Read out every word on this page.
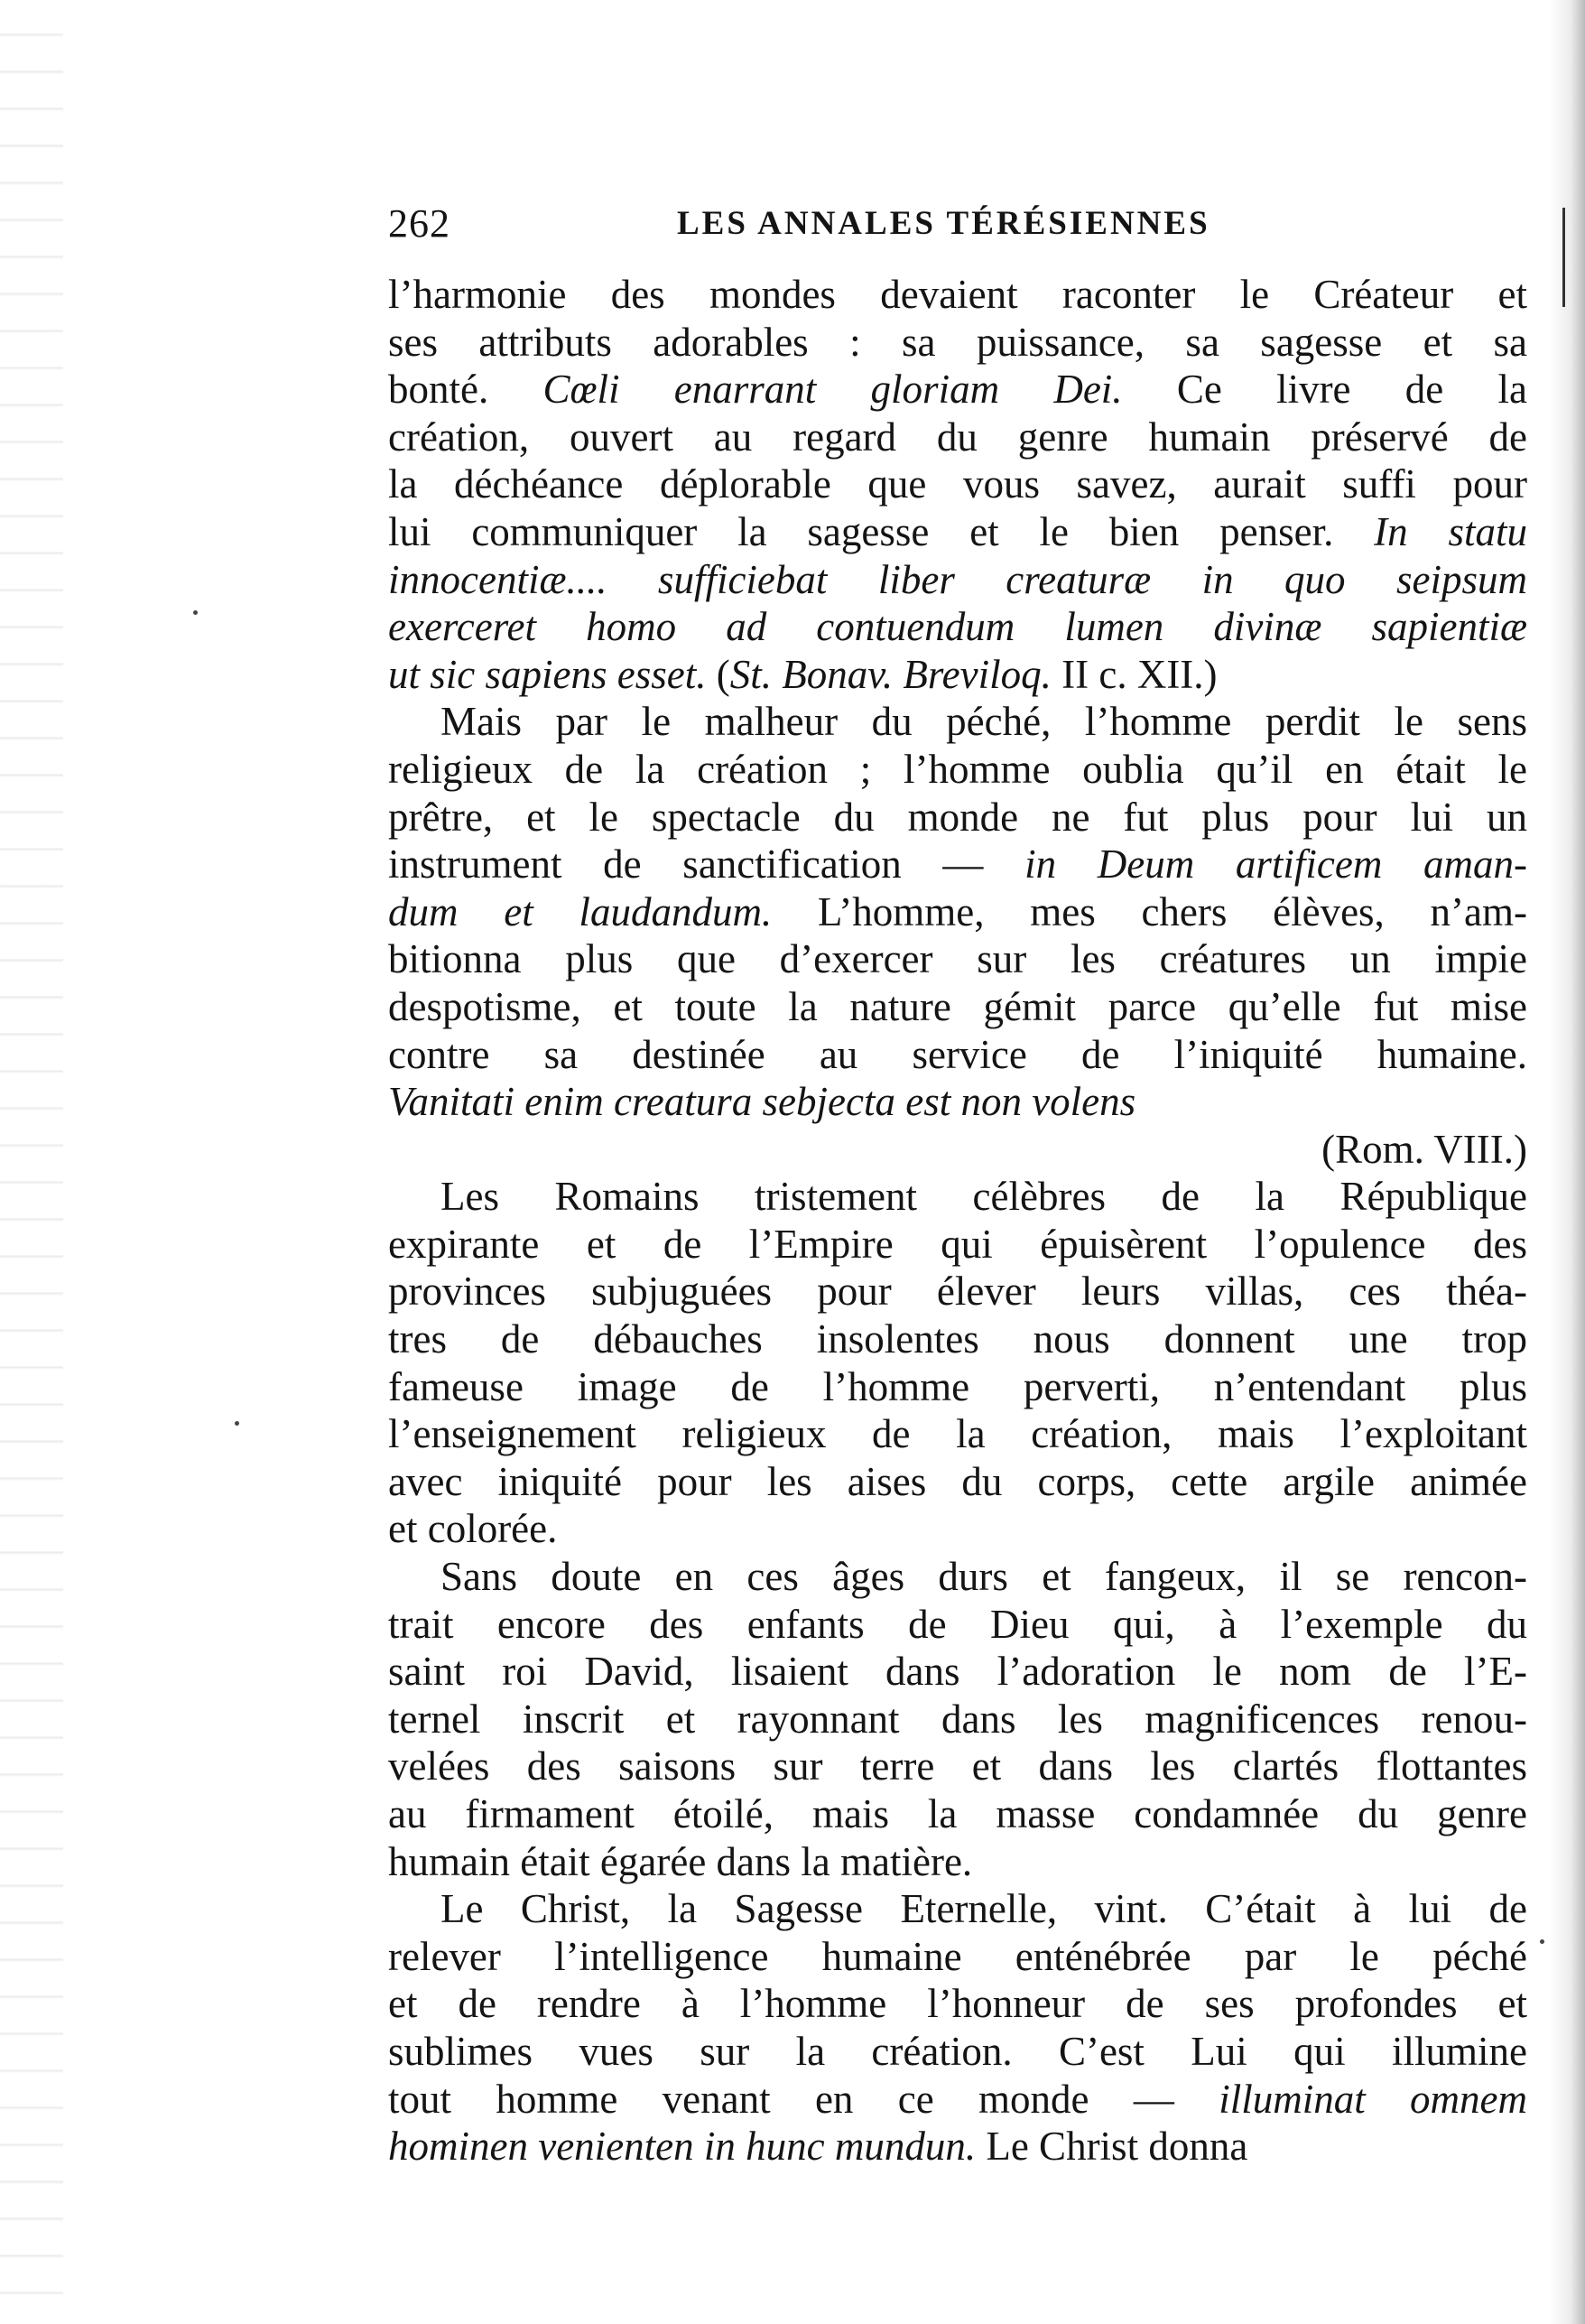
262	LES ANNALES TÉRÉSIENNES
l’harmonie des mondes devaient raconter le Créateur et
ses attributs adorables : sa puissance, sa sagesse et sa
bonté. Cœli enarrant gloriam Dei. Ce livre de la
création, ouvert au regard du genre humain préservé de
la déchéance déplorable que vous savez, aurait suffi pour
lui communiquer la sagesse et le bien penser. In statu
innocentiæ.... sufficiebat liber creaturæ in quo seipsum
exerceret homo ad contuendum lumen divinæ sapientiæ
ut sic sapiens esset. (St. Bonav. Breviloq. II c. XII.)
Mais par le malheur du péché, l’homme perdit le sens
religieux de la création ; l’homme oublia qu’il en était le
prêtre, et le spectacle du monde ne fut plus pour lui un
instrument de sanctification — in Deum artificem aman-
dum et laudandum. L’homme, mes chers élèves, n’am-
bitionna plus que d’exercer sur les créatures un impie
despotisme, et toute la nature gémit parce qu’elle fut mise
contre sa destinée au service de l’iniquité humaine.
Vanitati enim creatura sebjecta est non volens
(Rom. VIII.)
Les Romains tristement célèbres de la République
expirante et de l’Empire qui épuisèrent l’opulence des
provinces subjuguées pour élever leurs villas, ces théa-
tres de débauches insolentes nous donnent une trop
fameuse image de l’homme perverti, n’entendant plus
l’enseignement religieux de la création, mais l’exploitant
avec iniquité pour les aises du corps, cette argile animée
et colorée.
Sans doute en ces âges durs et fangeux, il se rencon-
trait encore des enfants de Dieu qui, à l’exemple du
saint roi David, lisaient dans l’adoration le nom de l’E-
ternel inscrit et rayonnant dans les magnificences renou-
velées des saisons sur terre et dans les clartés flottantes
au firmament étoilé, mais la masse condamnée du genre
humain était égarée dans la matière.
Le Christ, la Sagesse Eternelle, vint. C’était à lui de
relever l’intelligence humaine enténébrée par le péché
et de rendre à l’homme l’honneur de ses profondes et
sublimes vues sur la création. C’est Lui qui illumine
tout homme venant en ce monde — illuminat omnem
hominen venienten in hunc mundun. Le Christ donna
